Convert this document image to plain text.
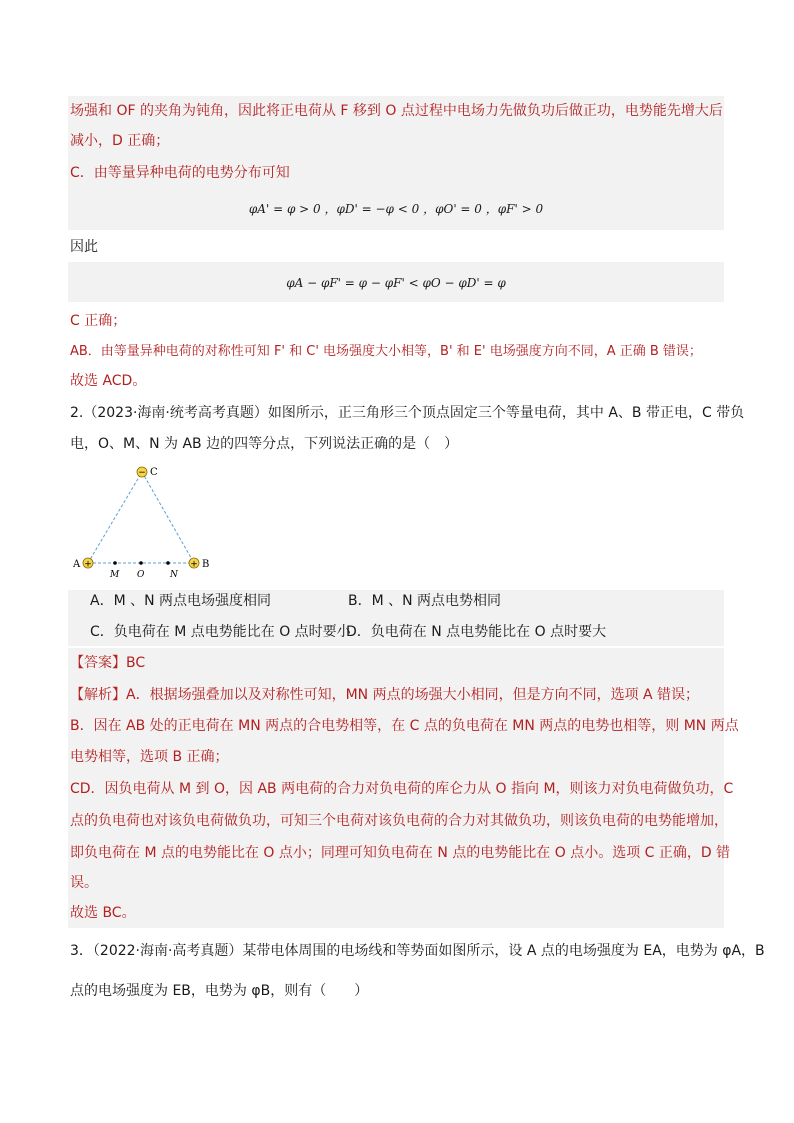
场强和 OF 的夹角为钝角，因此将正电荷从 F 移到 O 点过程中电场力先做负功后做正功，电势能先增大后
减小，D 正确；
C．由等量异种电荷的电势分布可知
φA' = φ > 0 ，φD' = −φ < 0 ，φO' = 0 ，φF' > 0
因此
φA − φF' = φ − φF' < φO − φD' = φ
C 正确；
AB．由等量异种电荷的对称性可知 F' 和 C' 电场强度大小相等，B' 和 E' 电场强度方向不同，A 正确 B 错误；
故选 ACD。
2.（2023·海南·统考高考真题）如图所示，正三角形三个顶点固定三个等量电荷，其中 A、B 带正电，C 带负
电，O、M、N 为 AB 边的四等分点，下列说法正确的是（　）
−
+	+
C
A	B
M O	N
A．M 、N 两点电场强度相同	B．M 、N 两点电势相同
C．负电荷在 M 点电势能比在 O 点时要小
D．负电荷在 N 点电势能比在 O 点时要大
【答案】BC
【解析】A．根据场强叠加以及对称性可知，MN 两点的场强大小相同，但是方向不同，选项 A 错误；
B．因在 AB 处的正电荷在 MN 两点的合电势相等，在 C 点的负电荷在 MN 两点的电势也相等，则 MN 两点
电势相等，选项 B 正确；
CD．因负电荷从 M 到 O，因 AB 两电荷的合力对负电荷的库仑力从 O 指向 M，则该力对负电荷做负功，C
点的负电荷也对该负电荷做负功，可知三个电荷对该负电荷的合力对其做负功，则该负电荷的电势能增加，
即负电荷在 M 点的电势能比在 O 点小；同理可知负电荷在 N 点的电势能比在 O 点小。选项 C 正确，D 错
误。
故选 BC。
3．（2022·海南·高考真题）某带电体周围的电场线和等势面如图所示，设 A 点的电场强度为 EA，电势为 φA，B
点的电场强度为 EB，电势为 φB，则有（　　）
